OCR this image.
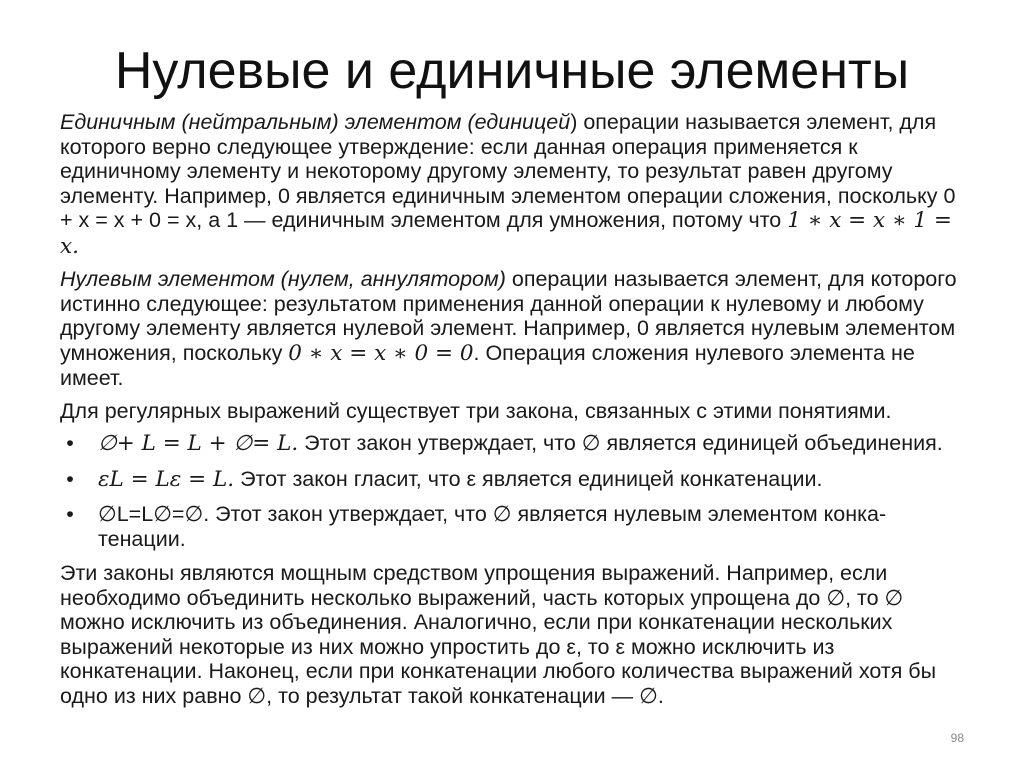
Нулевые и единичные элементы

Единичным (нейтральным) элементом (единицей) операции называется элемент, для которого верно следующее утверждение: если данная операция применяется к единичному элементу и некоторому другому элементу, то результат равен другому элементу. Например, 0 является единичным элементом операции сложения, поскольку 0 + x = x + 0 = x, а 1 — единичным элементом для умножения, потому что 1 ∗ x = x ∗ 1 = x.

Нулевым элементом (нулем, аннулятором) операции называется элемент, для которого истинно следующее: результатом применения данной операции к нулевому и любому другому элементу является нулевой элемент. Например, 0 является нулевым элементом умножения, поскольку 0 ∗ x = x ∗ 0 = 0. Операция сложения нулевого элемента не имеет.

Для регулярных выражений существует три закона, связанных с этими понятиями.

• ∅+ L = L + ∅= L. Этот закон утверждает, что ∅ является единицей объединения.
• εL = Lε = L. Этот закон гласит, что ε является единицей конкатенации.
• ∅L=L∅=∅. Этот закон утверждает, что ∅ является нулевым элементом конка-тенации.

Эти законы являются мощным средством упрощения выражений. Например, если необходимо объединить несколько выражений, часть которых упрощена до ∅, то ∅ можно исключить из объединения. Аналогично, если при конкатенации нескольких выражений некоторые из них можно упростить до ε, то ε можно исключить из конкатенации. Наконец, если при конкатенации любого количества выражений хотя бы одно из них равно ∅, то результат такой конкатенации — ∅.

98
